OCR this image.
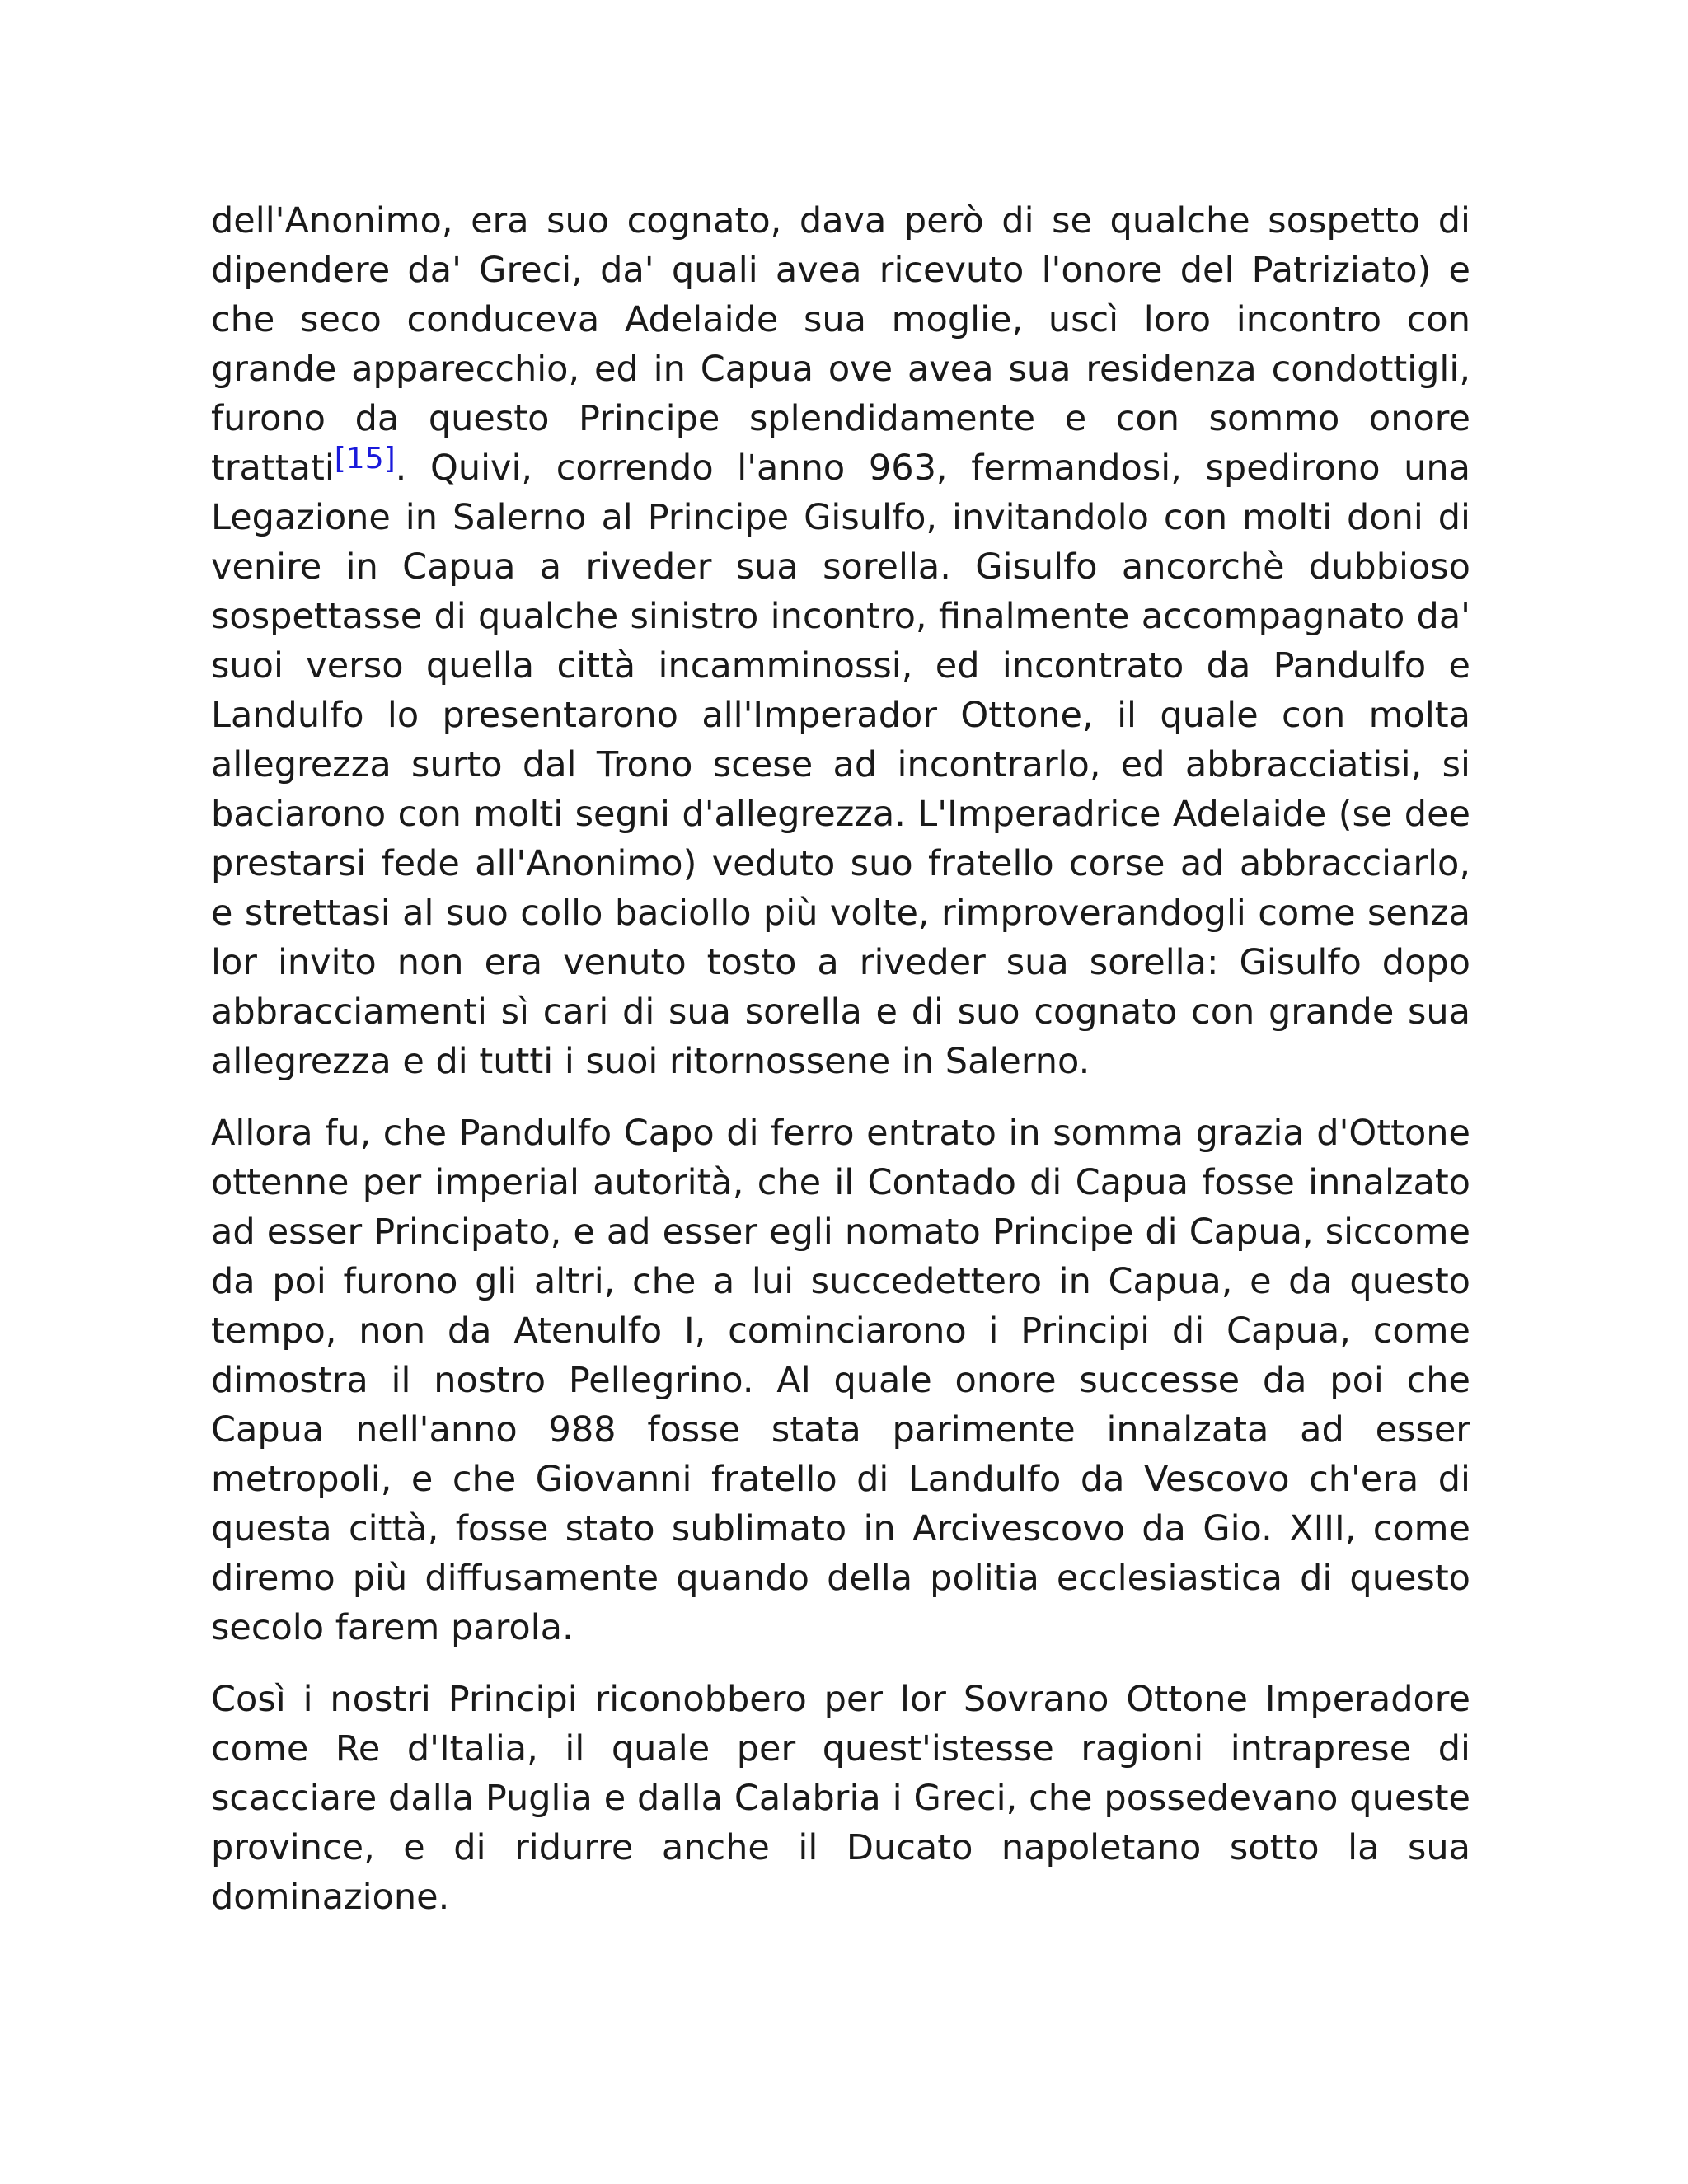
dell'Anonimo, era suo cognato, dava però di se qualche sospetto di dipendere da' Greci, da' quali avea ricevuto l'onore del Patriziato) e che seco conduceva Adelaide sua moglie, uscì loro incontro con grande apparecchio, ed in Capua ove avea sua residenza condottigli, furono da questo Principe splendidamente e con sommo onore trattati[15]. Quivi, correndo l'anno 963, fermandosi, spedirono una Legazione in Salerno al Principe Gisulfo, invitandolo con molti doni di venire in Capua a riveder sua sorella. Gisulfo ancorchè dubbioso sospettasse di qualche sinistro incontro, finalmente accompagnato da' suoi verso quella città incamminossi, ed incontrato da Pandulfo e Landulfo lo presentarono all'Imperador Ottone, il quale con molta allegrezza surto dal Trono scese ad incontrarlo, ed abbracciatisi, si baciarono con molti segni d'allegrezza. L'Imperadrice Adelaide (se dee prestarsi fede all'Anonimo) veduto suo fratello corse ad abbracciarlo, e strettasi al suo collo baciollo più volte, rimproverandogli come senza lor invito non era venuto tosto a riveder sua sorella: Gisulfo dopo abbracciamenti sì cari di sua sorella e di suo cognato con grande sua allegrezza e di tutti i suoi ritornossene in Salerno.

Allora fu, che Pandulfo Capo di ferro entrato in somma grazia d'Ottone ottenne per imperial autorità, che il Contado di Capua fosse innalzato ad esser Principato, e ad esser egli nomato Principe di Capua, siccome da poi furono gli altri, che a lui succedettero in Capua, e da questo tempo, non da Atenulfo I, cominciarono i Principi di Capua, come dimostra il nostro Pellegrino. Al quale onore successe da poi che Capua nell'anno 988 fosse stata parimente innalzata ad esser metropoli, e che Giovanni fratello di Landulfo da Vescovo ch'era di questa città, fosse stato sublimato in Arcivescovo da Gio. XIII, come diremo più diffusamente quando della politia ecclesiastica di questo secolo farem parola.

Così i nostri Principi riconobbero per lor Sovrano Ottone Imperadore come Re d'Italia, il quale per quest'istesse ragioni intraprese di scacciare dalla Puglia e dalla Calabria i Greci, che possedevano queste province, e di ridurre anche il Ducato napoletano sotto la sua dominazione.
